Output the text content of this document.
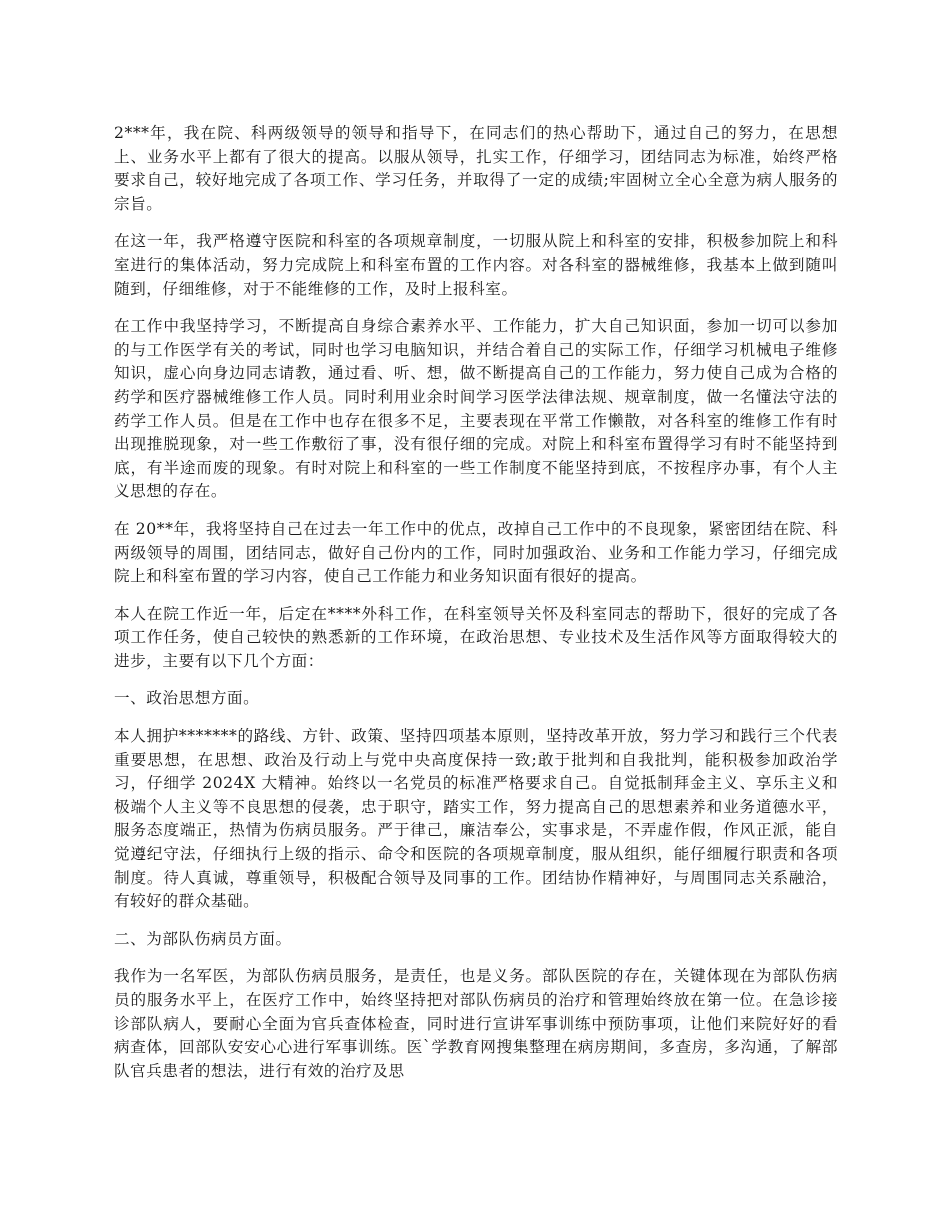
2***年，我在院、科两级领导的领导和指导下，在同志们的热心帮助下，通过自己的努力，在思想上、业务水平上都有了很大的提高。以服从领导，扎实工作，仔细学习，团结同志为标准，始终严格要求自己，较好地完成了各项工作、学习任务，并取得了一定的成绩;牢固树立全心全意为病人服务的宗旨。

在这一年，我严格遵守医院和科室的各项规章制度，一切服从院上和科室的安排，积极参加院上和科室进行的集体活动，努力完成院上和科室布置的工作内容。对各科室的器械维修，我基本上做到随叫随到，仔细维修，对于不能维修的工作，及时上报科室。

在工作中我坚持学习，不断提高自身综合素养水平、工作能力，扩大自己知识面，参加一切可以参加的与工作医学有关的考试，同时也学习电脑知识，并结合着自己的实际工作，仔细学习机械电子维修知识，虚心向身边同志请教，通过看、听、想，做不断提高自己的工作能力，努力使自己成为合格的药学和医疗器械维修工作人员。同时利用业余时间学习医学法律法规、规章制度，做一名懂法守法的药学工作人员。但是在工作中也存在很多不足，主要表现在平常工作懒散，对各科室的维修工作有时出现推脱现象，对一些工作敷衍了事，没有很仔细的完成。对院上和科室布置得学习有时不能坚持到底，有半途而废的现象。有时对院上和科室的一些工作制度不能坚持到底，不按程序办事，有个人主义思想的存在。

在 20**年，我将坚持自己在过去一年工作中的优点，改掉自己工作中的不良现象，紧密团结在院、科两级领导的周围，团结同志，做好自己份内的工作，同时加强政治、业务和工作能力学习，仔细完成院上和科室布置的学习内容，使自己工作能力和业务知识面有很好的提高。

本人在院工作近一年，后定在****外科工作，在科室领导关怀及科室同志的帮助下，很好的完成了各项工作任务，使自己较快的熟悉新的工作环境，在政治思想、专业技术及生活作风等方面取得较大的进步，主要有以下几个方面：

一、政治思想方面。

本人拥护*******的路线、方针、政策、坚持四项基本原则，坚持改革开放，努力学习和践行三个代表重要思想，在思想、政治及行动上与党中央高度保持一致;敢于批判和自我批判，能积极参加政治学习，仔细学 2024X 大精神。始终以一名党员的标准严格要求自己。自觉抵制拜金主义、享乐主义和极端个人主义等不良思想的侵袭，忠于职守，踏实工作，努力提高自己的思想素养和业务道德水平，服务态度端正，热情为伤病员服务。严于律己，廉洁奉公，实事求是，不弄虚作假，作风正派，能自觉遵纪守法，仔细执行上级的指示、命令和医院的各项规章制度，服从组织，能仔细履行职责和各项制度。待人真诚，尊重领导，积极配合领导及同事的工作。团结协作精神好，与周围同志关系融洽，有较好的群众基础。

二、为部队伤病员方面。

我作为一名军医，为部队伤病员服务，是责任，也是义务。部队医院的存在，关键体现在为部队伤病员的服务水平上，在医疗工作中，始终坚持把对部队伤病员的治疗和管理始终放在第一位。在急诊接诊部队病人，要耐心全面为官兵查体检查，同时进行宣讲军事训练中预防事项，让他们来院好好的看病查体，回部队安安心心进行军事训练。医`学教育网搜集整理在病房期间，多查房，多沟通，了解部队官兵患者的想法，进行有效的治疗及思
